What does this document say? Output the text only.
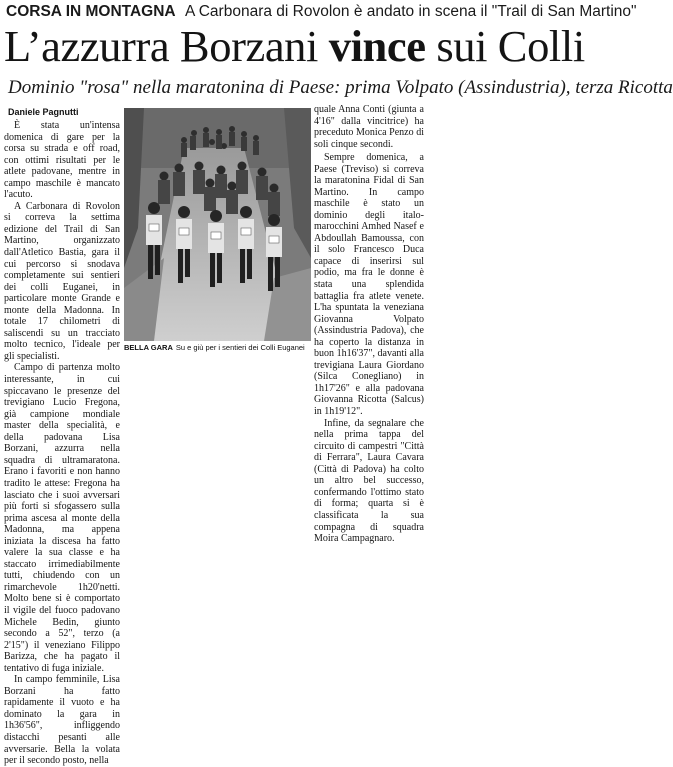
CORSA IN MONTAGNA A Carbonara di Rovolon è andato in scena il "Trail di San Martino"
L’azzurra Borzani vince sui Colli
Dominio "rosa" nella maratonina di Paese: prima Volpato (Assindustria), terza Ricotta
Daniele Pagnutti

È stata un'intensa domenica di gare per la corsa su strada e off road, con ottimi risultati per le atlete padovane, mentre in campo maschile è mancato l'acuto.

A Carbonara di Rovolon si correva la settima edizione del Trail di San Martino, organizzato dall'Atletico Bastia, gara il cui percorso si snodava completamente sui sentieri dei colli Euganei, in particolare monte Grande e monte della Madonna. In totale 17 chilometri di saliscendi su un tracciato molto tecnico, l'ideale per gli specialisti.

Campo di partenza molto interessante, in cui spiccavano le presenze del trevigiano Lucio Fregona, già campione mondiale master della specialità, e della padovana Lisa Borzani, azzurra nella squadra di ultramaratona. Erano i favoriti e non hanno tradito le attese: Fregona ha lasciato che i suoi avversari più forti si sfogassero sulla prima ascesa al monte della Madonna, ma appena iniziata la discesa ha fatto valere la sua classe e ha staccato irrimediabilmente tutti, chiudendo con un rimarchevole 1h20'netti. Molto bene si è comportato il vigile del fuoco padovano Michele Bedin, giunto secondo a 52", terzo (a 2'15") il veneziano Filippo Barizza, che ha pagato il tentativo di fuga iniziale.

In campo femminile, Lisa Borzani ha fatto rapidamente il vuoto e ha dominato la gara in 1h36'56", infliggendo distacchi pesanti alle avversarie. Bella la volata per il secondo posto, nella

BELLA GARA Su e giù per i sentieri dei Colli Euganei

quale Anna Conti (giunta a 4'16" dalla vincitrice) ha preceduto Monica Penzo di soli cinque secondi.

Sempre domenica, a Paese (Treviso) si correva la maratonina Fidal di San Martino. In campo maschile è stato un dominio degli italo-marocchini Amhed Nasef e Abdoullah Bamoussa, con il solo Francesco Duca capace di inserirsi sul podio, ma fra le donne è stata una splendida battaglia fra atlete venete. L'ha spuntata la veneziana Giovanna Volpato (Assindustria Padova), che ha coperto la distanza in buon 1h16'37", davanti alla trevigiana Laura Giordano (Silca Conegliano) in 1h17'26" e alla padovana Giovanna Ricotta (Salcus) in 1h19'12".

Infine, da segnalare che nella prima tappa del circuito di campestri "Città di Ferrara", Laura Cavara (Città di Padova) ha colto un altro bel successo, confermando l'ottimo stato di forma; quarta si è classificata la sua compagna di squadra Moira Campagnaro.
